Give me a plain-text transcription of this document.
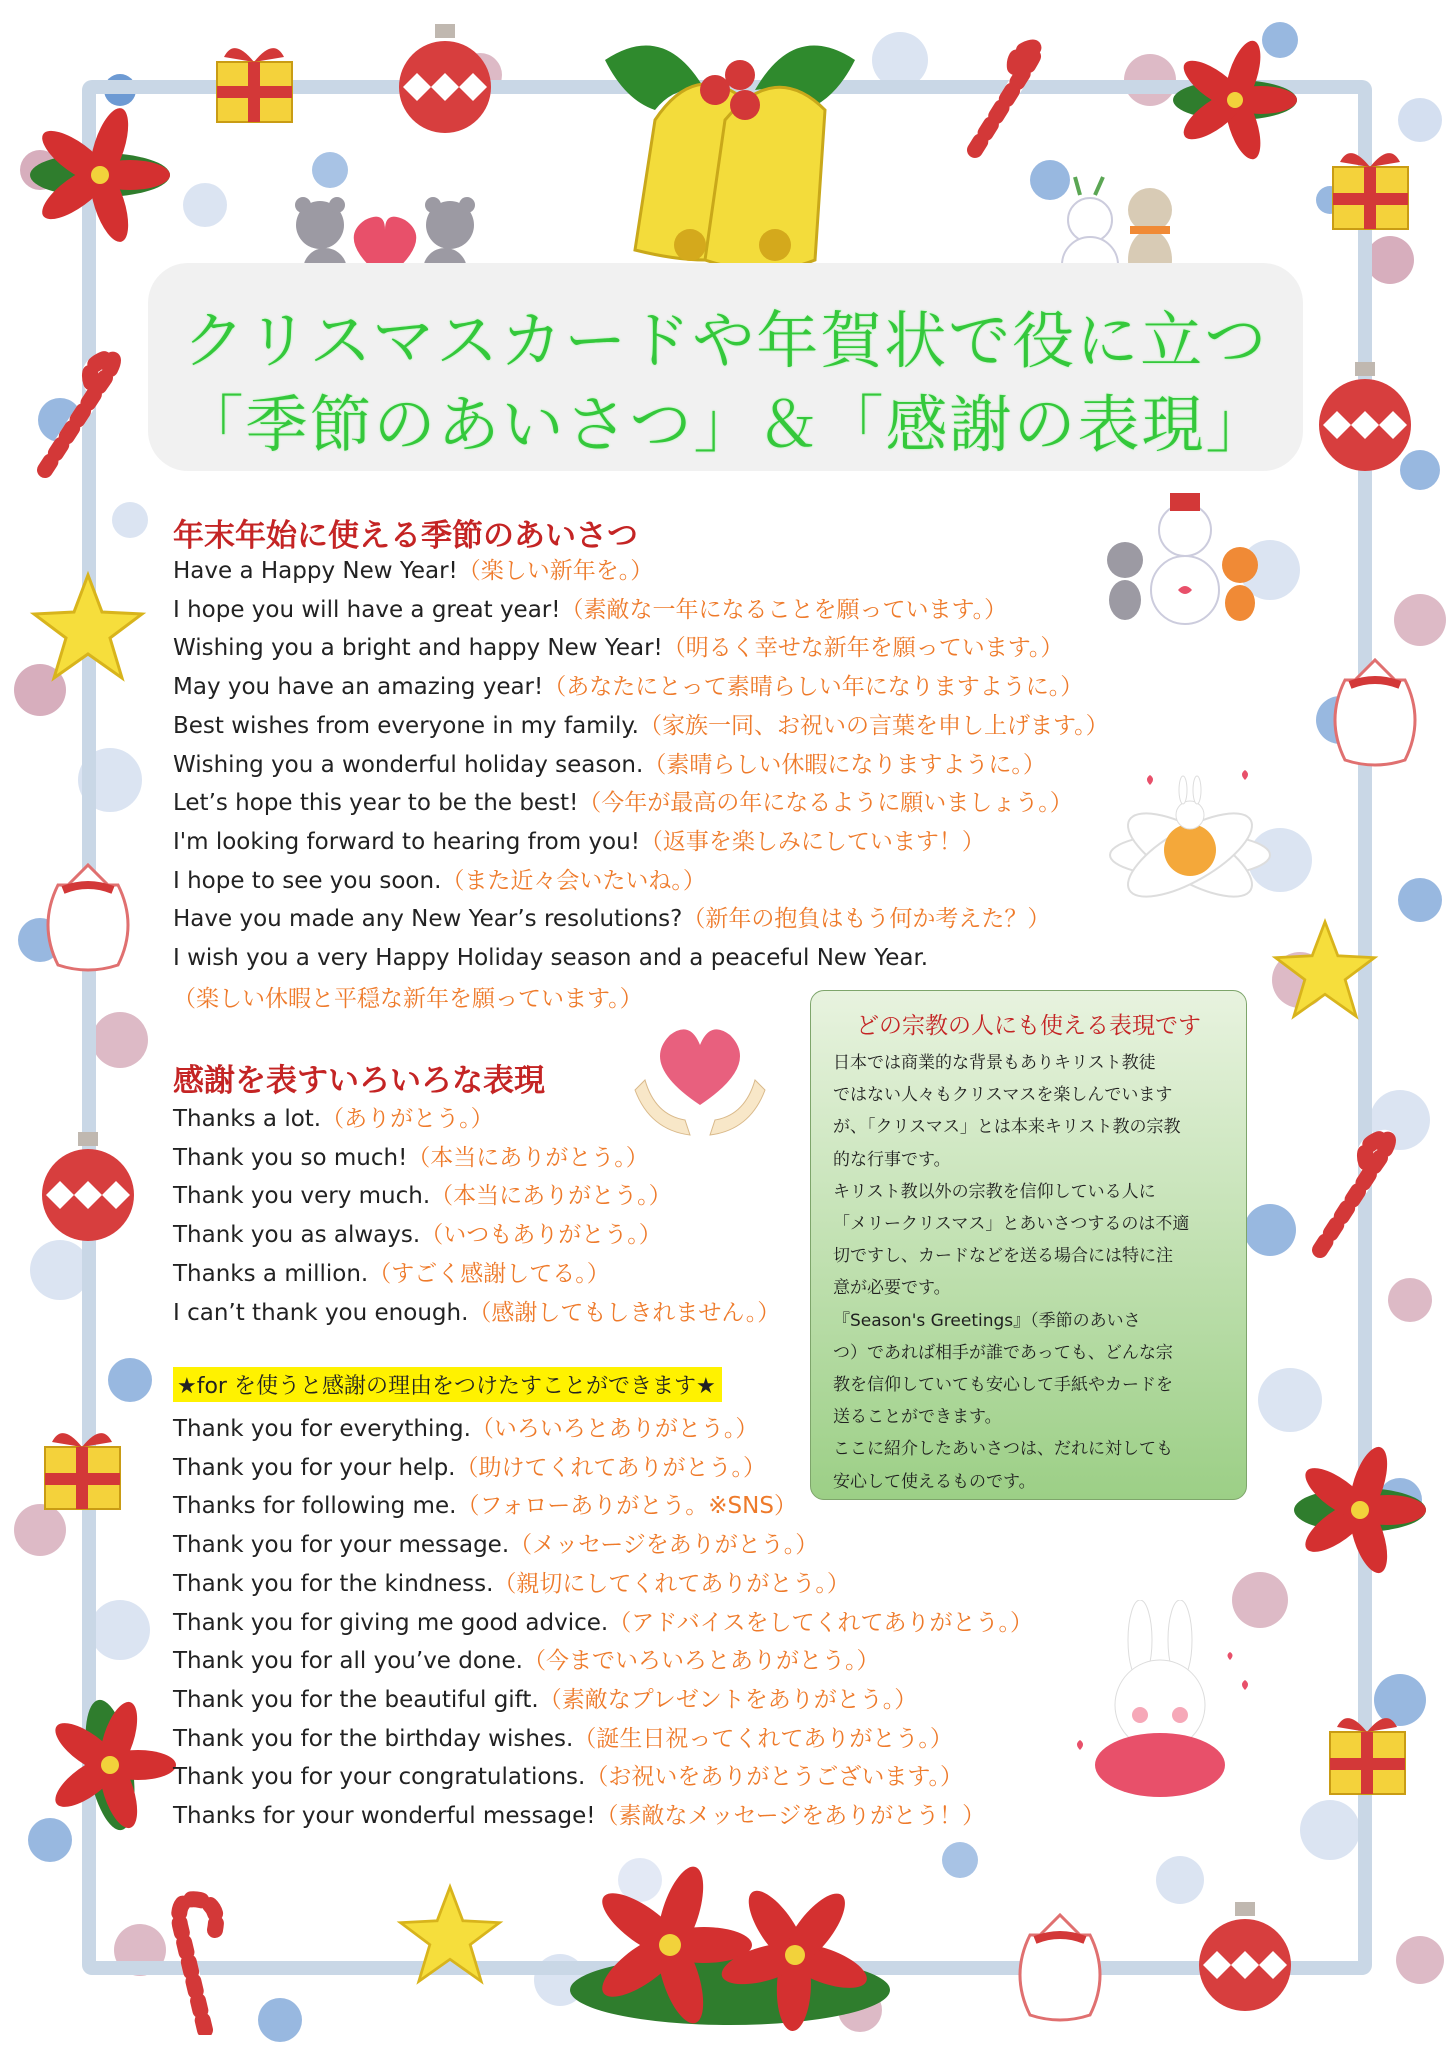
クリスマスカードや年賀状で役に立つ
「季節のあいさつ」＆「感謝の表現」
年末年始に使える季節のあいさつ
Have a Happy New Year!（楽しい新年を。）
I hope you will have a great year!（素敵な一年になることを願っています。）
Wishing you a bright and happy New Year!（明るく幸せな新年を願っています。）
May you have an amazing year!（あなたにとって素晴らしい年になりますように。）
Best wishes from everyone in my family.（家族一同、お祝いの言葉を申し上げます。）
Wishing you a wonderful holiday season.（素晴らしい休暇になりますように。）
Let’s hope this year to be the best!（今年が最高の年になるように願いましょう。）
I'm looking forward to hearing from you!（返事を楽しみにしています！）
I hope to see you soon.（また近々会いたいね。）
Have you made any New Year’s resolutions?（新年の抱負はもう何か考えた？）
I wish you a very Happy Holiday season and a peaceful New Year.
（楽しい休暇と平穏な新年を願っています。）
感謝を表すいろいろな表現
Thanks a lot.（ありがとう。）
Thank you so much!（本当にありがとう。）
Thank you very much.（本当にありがとう。）
Thank you as always.（いつもありがとう。）
Thanks a million.（すごく感謝してる。）
I can’t thank you enough.（感謝してもしきれません。）
★for を使うと感謝の理由をつけたすことができます★
Thank you for everything.（いろいろとありがとう。）
Thank you for your help.（助けてくれてありがとう。）
Thanks for following me.（フォローありがとう。※SNS）
Thank you for your message.（メッセージをありがとう。）
Thank you for the kindness.（親切にしてくれてありがとう。）
Thank you for giving me good advice.（アドバイスをしてくれてありがとう。）
Thank you for all you’ve done.（今までいろいろとありがとう。）
Thank you for the beautiful gift.（素敵なプレゼントをありがとう。）
Thank you for the birthday wishes.（誕生日祝ってくれてありがとう。）
Thank you for your congratulations.（お祝いをありがとうございます。）
Thanks for your wonderful message!（素敵なメッセージをありがとう！）
どの宗教の人にも使える表現です
日本では商業的な背景もありキリスト教徒
ではない人々もクリスマスを楽しんでいます
が、「クリスマス」とは本来キリスト教の宗教
的な行事です。
キリスト教以外の宗教を信仰している人に
「メリークリスマス」とあいさつするのは不適
切ですし、カードなどを送る場合には特に注
意が必要です。
『Season's Greetings』（季節のあいさ
つ）であれば相手が誰であっても、どんな宗
教を信仰していても安心して手紙やカードを
送ることができます。
ここに紹介したあいさつは、だれに対しても
安心して使えるものです。
